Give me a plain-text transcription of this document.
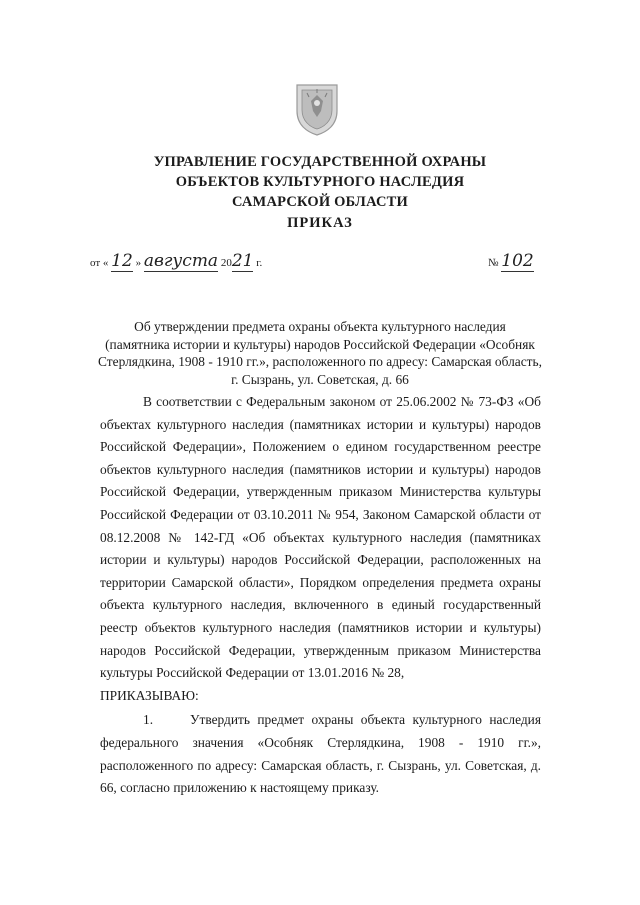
УПРАВЛЕНИЕ ГОСУДАРСТВЕННОЙ ОХРАНЫ
ОБЪЕКТОВ КУЛЬТУРНОГО НАСЛЕДИЯ
САМАРСКОЙ ОБЛАСТИ
ПРИКАЗ
от « 12 » августа 2021 г.	№ 102
Об утверждении предмета охраны объекта культурного наследия
(памятника истории и культуры) народов Российской Федерации «Особняк
Стерлядкина, 1908 - 1910 гг.», расположенного по адресу: Самарская область,
г. Сызрань, ул. Советская, д. 66

В соответствии с Федеральным законом от 25.06.2002 № 73-ФЗ «Об объектах культурного наследия (памятниках истории и культуры) народов Российской Федерации», Положением о едином государственном реестре объектов культурного наследия (памятников истории и культуры) народов Российской Федерации, утвержденным приказом Министерства культуры Российской Федерации от 03.10.2011 № 954, Законом Самарской области от 08.12.2008 № 142-ГД «Об объектах культурного наследия (памятниках истории и культуры) народов Российской Федерации, расположенных на территории Самарской области», Порядком определения предмета охраны объекта культурного наследия, включенного в единый государственный реестр объектов культурного наследия (памятников истории и культуры) народов Российской Федерации, утвержденным приказом Министерства культуры Российской Федерации от 13.01.2016 № 28,

ПРИКАЗЫВАЮ:

1.     Утвердить предмет охраны объекта культурного наследия федерального значения «Особняк Стерлядкина, 1908 - 1910 гг.», расположенного по адресу: Самарская область, г. Сызрань, ул. Советская, д. 66, согласно приложению к настоящему приказу.
